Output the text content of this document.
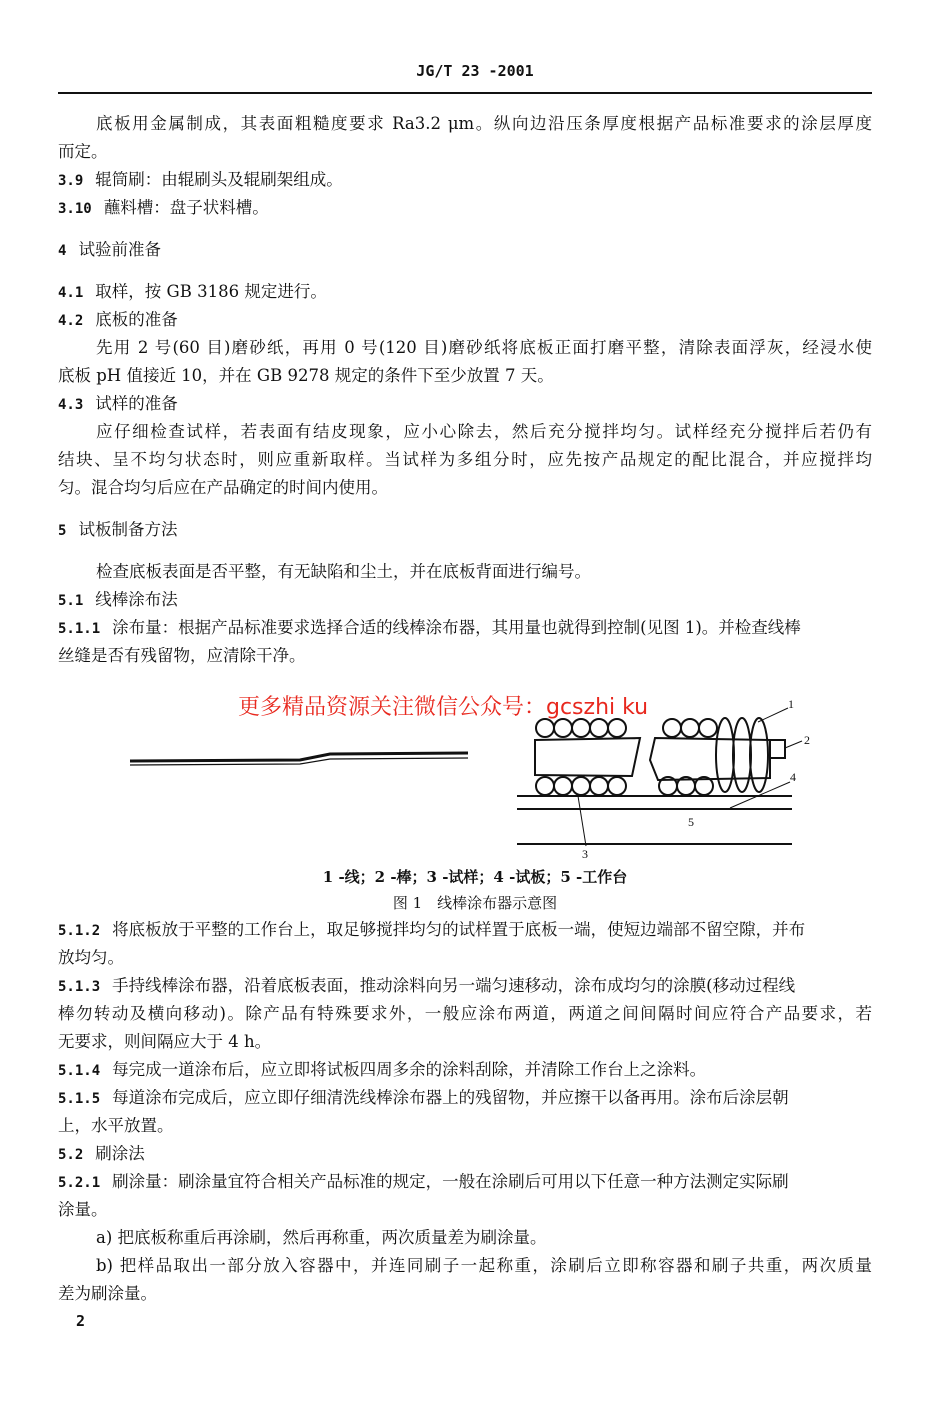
JG/T 23 -2001
底板用金属制成，其表面粗糙度要求 Ra3.2 μm。纵向边沿压条厚度根据产品标准要求的涂层厚度
而定。
3.9 辊筒刷：由辊刷头及辊刷架组成。
3.10 蘸料槽：盘子状料槽。
4 试验前准备
4.1 取样，按 GB 3186 规定进行。
4.2 底板的准备
先用 2 号(60 目)磨砂纸，再用 0 号(120 目)磨砂纸将底板正面打磨平整，清除表面浮灰，经浸水使
底板 pH 值接近 10，并在 GB 9278 规定的条件下至少放置 7 天。
4.3 试样的准备
应仔细检查试样，若表面有结皮现象，应小心除去，然后充分搅拌均匀。试样经充分搅拌后若仍有
结块、呈不均匀状态时，则应重新取样。当试样为多组分时，应先按产品规定的配比混合，并应搅拌均
匀。混合均匀后应在产品确定的时间内使用。
5 试板制备方法
检查底板表面是否平整，有无缺陷和尘土，并在底板背面进行编号。
5.1 线棒涂布法
5.1.1 涂布量：根据产品标准要求选择合适的线棒涂布器，其用量也就得到控制(见图 1)。并检查线棒
丝缝是否有残留物，应清除干净。
1
2
3
4
5
更多精品资源关注微信公众号：gcszhi ku
1 -线；2 -棒；3 -试样；4 -试板；5 -工作台
图 1　线棒涂布器示意图
5.1.2 将底板放于平整的工作台上，取足够搅拌均匀的试样置于底板一端，使短边端部不留空隙，并布
放均匀。
5.1.3 手持线棒涂布器，沿着底板表面，推动涂料向另一端匀速移动，涂布成均匀的涂膜(移动过程线
棒勿转动及横向移动)。除产品有特殊要求外，一般应涂布两道，两道之间间隔时间应符合产品要求，若
无要求，则间隔应大于 4 h。
5.1.4 每完成一道涂布后，应立即将试板四周多余的涂料刮除，并清除工作台上之涂料。
5.1.5 每道涂布完成后，应立即仔细清洗线棒涂布器上的残留物，并应擦干以备再用。涂布后涂层朝
上，水平放置。
5.2 刷涂法
5.2.1 刷涂量：刷涂量宜符合相关产品标准的规定，一般在涂刷后可用以下任意一种方法测定实际刷
涂量。
a) 把底板称重后再涂刷，然后再称重，两次质量差为刷涂量。
b) 把样品取出一部分放入容器中，并连同刷子一起称重，涂刷后立即称容器和刷子共重，两次质量
差为刷涂量。
2
